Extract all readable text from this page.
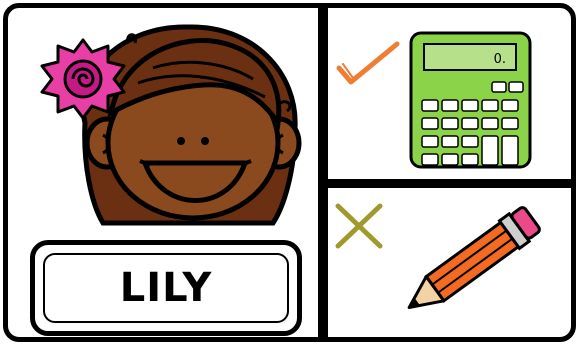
LILY
0.
